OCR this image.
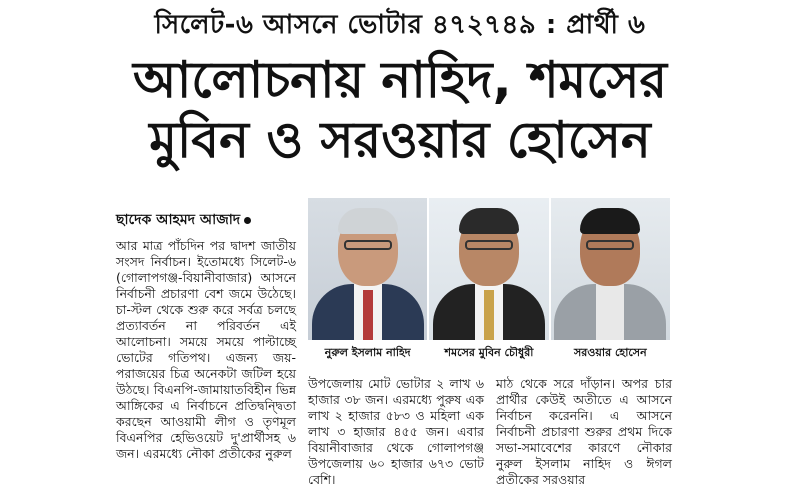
সিলেট-৬ আসনে ভোটার ৪৭২৭৪৯ : প্রার্থী ৬
আলোচনায় নাহিদ, শমসের
মুবিন ও সরওয়ার হোসেন
ছাদেক আহমদ আজাদ

আর মাত্র পাঁচদিন পর দ্বাদশ জাতীয় সংসদ নির্বাচন। ইতোমধ্যে সিলেট-৬ (গোলাপগঞ্জ-বিয়ানীবাজার) আসনে নির্বাচনী প্রচারণা বেশ জমে উঠেছে। চা-স্টল থেকে শুরু করে সর্বত্র চলছে প্রত্যাবর্তন না পরিবর্তন এই আলোচনা। সময়ে সময়ে পাল্টাচ্ছে ভোটের গতিপথ। এজন্য জয়-পরাজয়ের চিত্র অনেকটা জটিল হয়ে উঠছে। বিএনপি-জামায়াতবিহীন ভিন্ন আঙ্গিকের এ নির্বাচনে প্রতিদ্বন্দ্বিতা করছেন আওয়ামী লীগ ও তৃণমূল বিএনপির হেভিওয়েট দু'প্রার্থীসহ ৬ জন। এরমধ্যে নৌকা প্রতীকের নুরুল

নুরুল ইসলাম নাহিদ	শমসের মুবিন চৌধুরী	সরওয়ার হোসেন

উপজেলায় মোট ভোটার ২ লাখ ৬ হাজার ৩৮ জন। এরমধ্যে পুরুষ এক লাখ ২ হাজার ৫৮৩ ও মহিলা এক লাখ ৩ হাজার ৪৫৫ জন। এবার বিয়ানীবাজার থেকে গোলাপগঞ্জ উপজেলায় ৬০ হাজার ৬৭৩ ভোট বেশি।

মাঠ থেকে সরে দাঁড়ান। অপর চার প্রার্থীর কেউই অতীতে এ আসনে নির্বাচন করেননি। এ আসনে নির্বাচনী প্রচারণা শুরুর প্রথম দিকে সভা-সমাবেশের কারণে নৌকার নুরুল ইসলাম নাহিদ ও ঈগল প্রতীকের সরওয়ার
